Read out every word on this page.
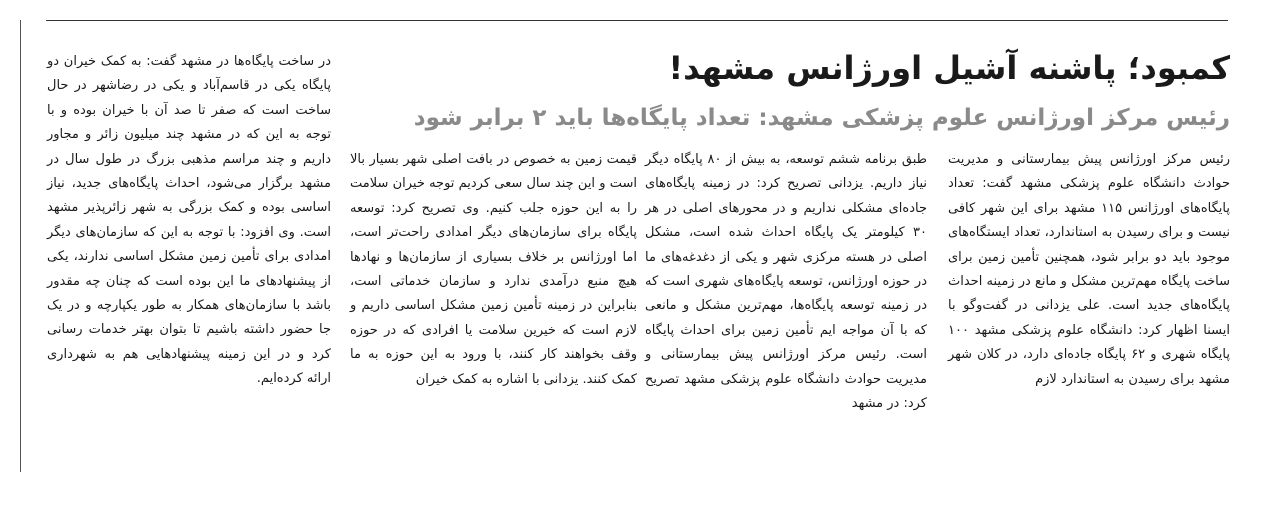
کمبود؛ پاشنه آشیل اورژانس مشهد!
رئیس مرکز اورژانس علوم پزشکی مشهد: تعداد پایگاه‌ها باید ۲ برابر شود

رئیس مرکز اورژانس پیش بیمارستانی و مدیریت حوادث دانشگاه علوم پزشکی مشهد گفت: تعداد پایگاه‌های اورژانس ۱۱۵ مشهد برای این شهر کافی نیست و برای رسیدن به استاندارد، تعداد ایستگاه‌های موجود باید دو برابر شود، همچنین تأمین زمین برای ساخت پایگاه مهم‌ترین مشکل و مانع در زمینه احداث پایگاه‌های جدید است. علی یزدانی در گفت‌وگو با ایسنا اظهار کرد: دانشگاه علوم پزشکی مشهد ۱۰۰ پایگاه شهری و ۶۲ پایگاه جاده‌ای دارد، در کلان شهر مشهد برای رسیدن به استاندارد لازم

طبق برنامه ششم توسعه، به بیش از ۸۰ پایگاه دیگر نیاز داریم. یزدانی تصریح کرد: در زمینه پایگاه‌های جاده‌ای مشکلی نداریم و در محورهای اصلی در هر ۳۰ کیلومتر یک پایگاه احداث شده است، مشکل اصلی در هسته مرکزی شهر و یکی از دغدغه‌های ما در حوزه اورژانس، توسعه پایگاه‌های شهری است که در زمینه توسعه پایگاه‌ها، مهم‌ترین مشکل و مانعی که با آن مواجه ایم تأمین زمین برای احداث پایگاه است. رئیس مرکز اورژانس پیش بیمارستانی و مدیریت حوادث دانشگاه علوم پزشکی مشهد تصریح کرد: در مشهد

قیمت زمین به خصوص در بافت اصلی شهر بسیار بالا است و این چند سال سعی کردیم توجه خیران سلامت را به این حوزه جلب کنیم. وی تصریح کرد: توسعه پایگاه برای سازمان‌های دیگر امدادی راحت‌تر است، اما اورژانس بر خلاف بسیاری از سازمان‌ها و نهادها هیچ منبع درآمدی ندارد و سازمان خدماتی است، بنابراین در زمینه تأمین زمین مشکل اساسی داریم و لازم است که خیرین سلامت یا افرادی که در حوزه وقف بخواهند کار کنند، با ورود به این حوزه به ما کمک کنند. یزدانی با اشاره به کمک خیران

در ساخت پایگاه‌ها در مشهد گفت: به کمک خیران دو پایگاه یکی در قاسم‌آباد و یکی در رضاشهر در حال ساخت است که صفر تا صد آن با خیران بوده و با توجه به این که در مشهد چند میلیون زائر و مجاور داریم و چند مراسم مذهبی بزرگ در طول سال در مشهد برگزار می‌شود، احداث پایگاه‌های جدید، نیاز اساسی بوده و کمک بزرگی به شهر زائرپذیر مشهد است. وی افزود: با توجه به این که سازمان‌های دیگر امدادی برای تأمین زمین مشکل اساسی ندارند، یکی از پیشنهادهای ما این بوده است که چنان چه مقدور باشد با سازمان‌های همکار به طور یکپارچه و در یک جا حضور داشته باشیم تا بتوان بهتر خدمات رسانی کرد و در این زمینه پیشنهادهایی هم به شهرداری ارائه کرده‌ایم.
